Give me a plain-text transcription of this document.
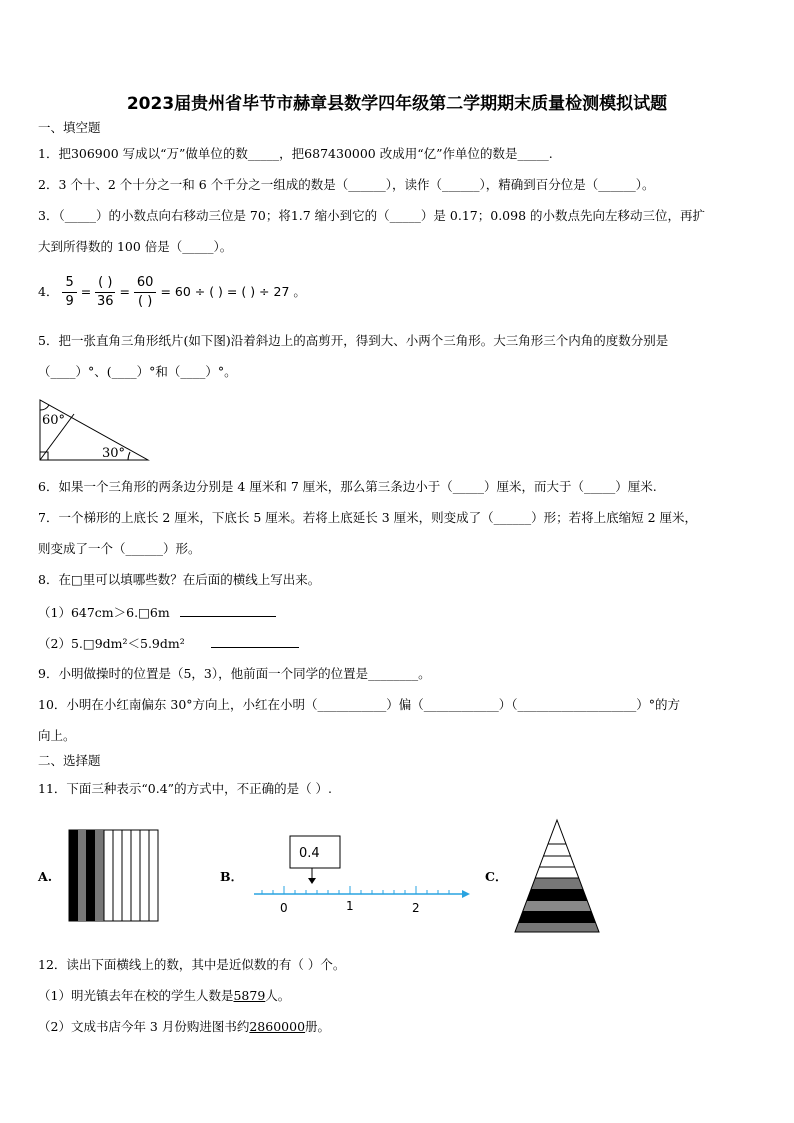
2023届贵州省毕节市赫章县数学四年级第二学期期末质量检测模拟试题
一、填空题
1．把306900 写成以“万”做单位的数_____，把687430000 改成用“亿”作单位的数是_____.
2．3 个十、2 个十分之一和 6 个千分之一组成的数是（______），读作（______），精确到百分位是（______）。
3．（_____）的小数点向右移动三位是 70；将1.7 缩小到它的（_____）是 0.17；0.098 的小数点先向左移动三位，再扩
大到所得数的 100 倍是（_____）。
4． $\frac{5}{9} = \frac{( )}{36} = \frac{60}{( )} = 60$ ÷ ( ) = ( ) ÷ 27 。
5．把一张直角三角形纸片(如下图)沿着斜边上的高剪开，得到大、小两个三角形。大三角形三个内角的度数分别是
（____）°、(____）°和（____）°。
60°
30°
6．如果一个三角形的两条边分别是 4 厘米和 7 厘米，那么第三条边小于（_____）厘米，而大于（_____）厘米.
7．一个梯形的上底长 2 厘米，下底长 5 厘米。若将上底延长 3 厘米，则变成了（______）形；若将上底缩短 2 厘米，
则变成了一个（______）形。
8．在□里可以填哪些数？在后面的横线上写出来。
（1）647cm＞6.□6m
（2）5.□9dm²＜5.9dm²
9．小明做操时的位置是（5，3），他前面一个同学的位置是________。
10．小明在小红南偏东 30°方向上，小红在小明（___________）偏（____________）（___________________）°的方
向上。
二、选择题
11．下面三种表示“0.4”的方式中，不正确的是（ ）.
A.	B．
0.4
0	1	2
C．
12．读出下面横线上的数，其中是近似数的有（ ）个。
（1）明光镇去年在校的学生人数是5879人。
（2）文成书店今年 3 月份购进图书约2860000册。
